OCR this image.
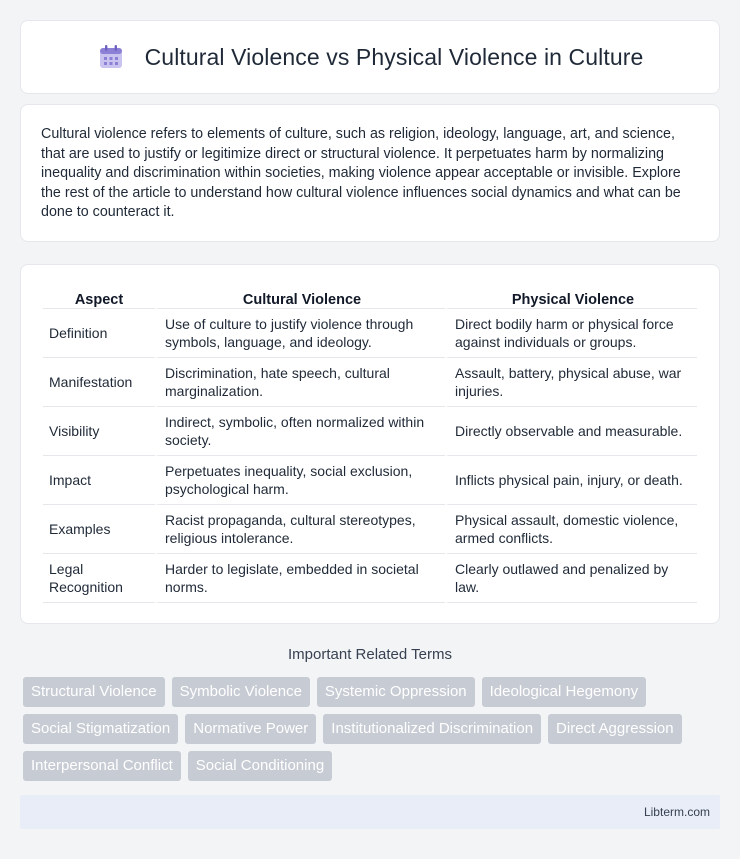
Cultural Violence vs Physical Violence in Culture

Cultural violence refers to elements of culture, such as religion, ideology, language, art, and science, that are used to justify or legitimize direct or structural violence. It perpetuates harm by normalizing inequality and discrimination within societies, making violence appear acceptable or invisible. Explore the rest of the article to understand how cultural violence influences social dynamics and what can be done to counteract it.

Aspect	Cultural Violence	Physical Violence
Definition	Use of culture to justify violence through symbols, language, and ideology.	Direct bodily harm or physical force against individuals or groups.
Manifestation	Discrimination, hate speech, cultural marginalization.	Assault, battery, physical abuse, war injuries.
Visibility	Indirect, symbolic, often normalized within society.	Directly observable and measurable.
Impact	Perpetuates inequality, social exclusion, psychological harm.	Inflicts physical pain, injury, or death.
Examples	Racist propaganda, cultural stereotypes, religious intolerance.	Physical assault, domestic violence, armed conflicts.
Legal Recognition	Harder to legislate, embedded in societal norms.	Clearly outlawed and penalized by law.
Important Related Terms
Structural Violence	Symbolic Violence	Systemic Oppression	Ideological Hegemony
Social Stigmatization	Normative Power	Institutionalized Discrimination	Direct Aggression
Interpersonal Conflict	Social Conditioning
Libterm.com
